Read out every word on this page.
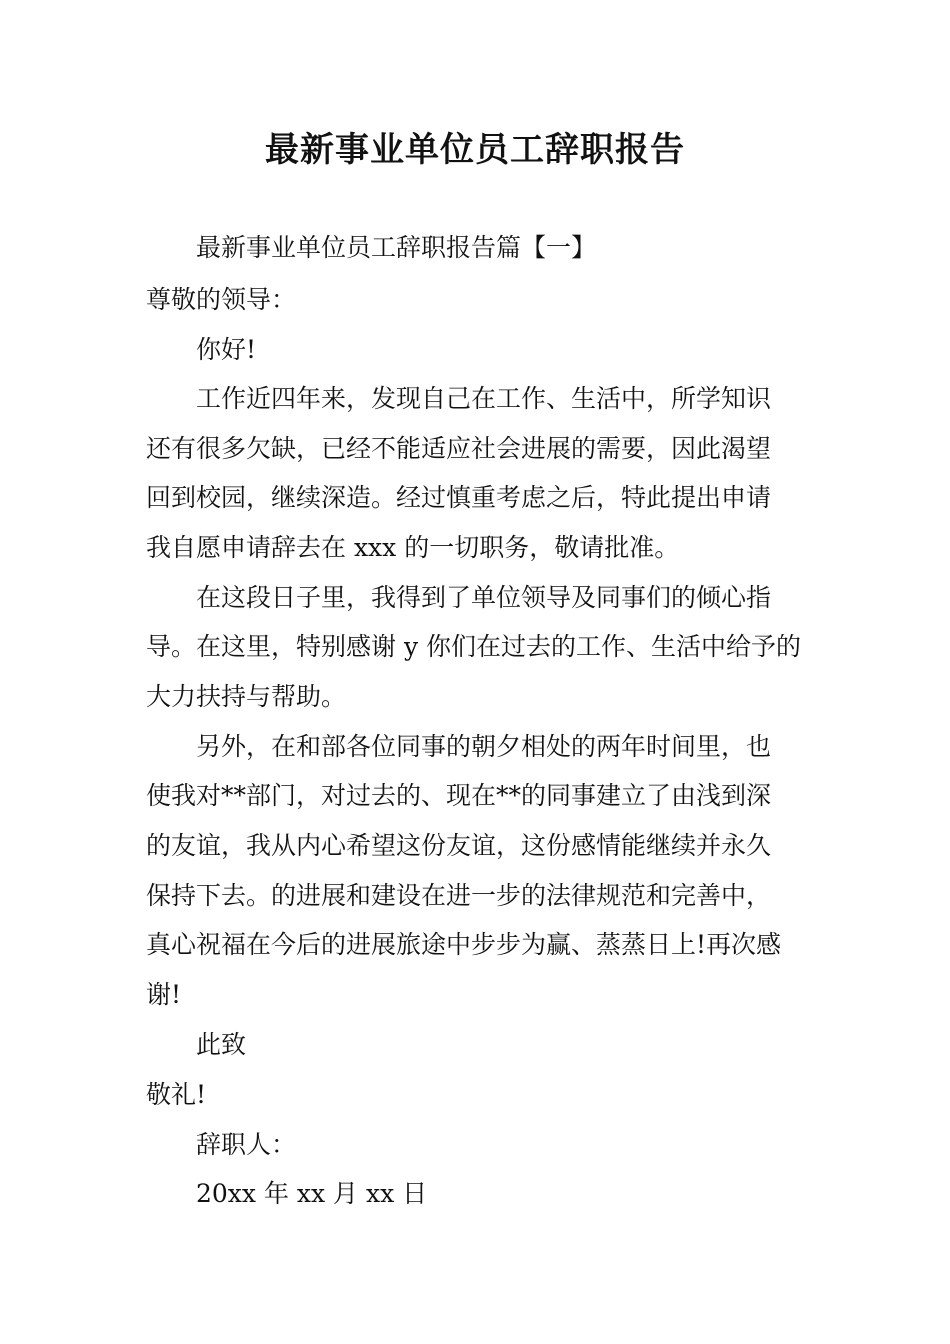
最新事业单位员工辞职报告
最新事业单位员工辞职报告篇【一】
尊敬的领导：
你好!
工作近四年来，发现自己在工作、生活中，所学知识
还有很多欠缺，已经不能适应社会进展的需要，因此渴望
回到校园，继续深造。经过慎重考虑之后，特此提出申请
我自愿申请辞去在 xxx 的一切职务，敬请批准。
在这段日子里，我得到了单位领导及同事们的倾心指
导。在这里，特别感谢 y 你们在过去的工作、生活中给予的
大力扶持与帮助。
另外，在和部各位同事的朝夕相处的两年时间里，也
使我对**部门，对过去的、现在**的同事建立了由浅到深
的友谊，我从内心希望这份友谊，这份感情能继续并永久
保持下去。的进展和建设在进一步的法律规范和完善中，
真心祝福在今后的进展旅途中步步为赢、蒸蒸日上!再次感
谢!
此致
敬礼!
辞职人：
20xx 年 xx 月 xx 日
